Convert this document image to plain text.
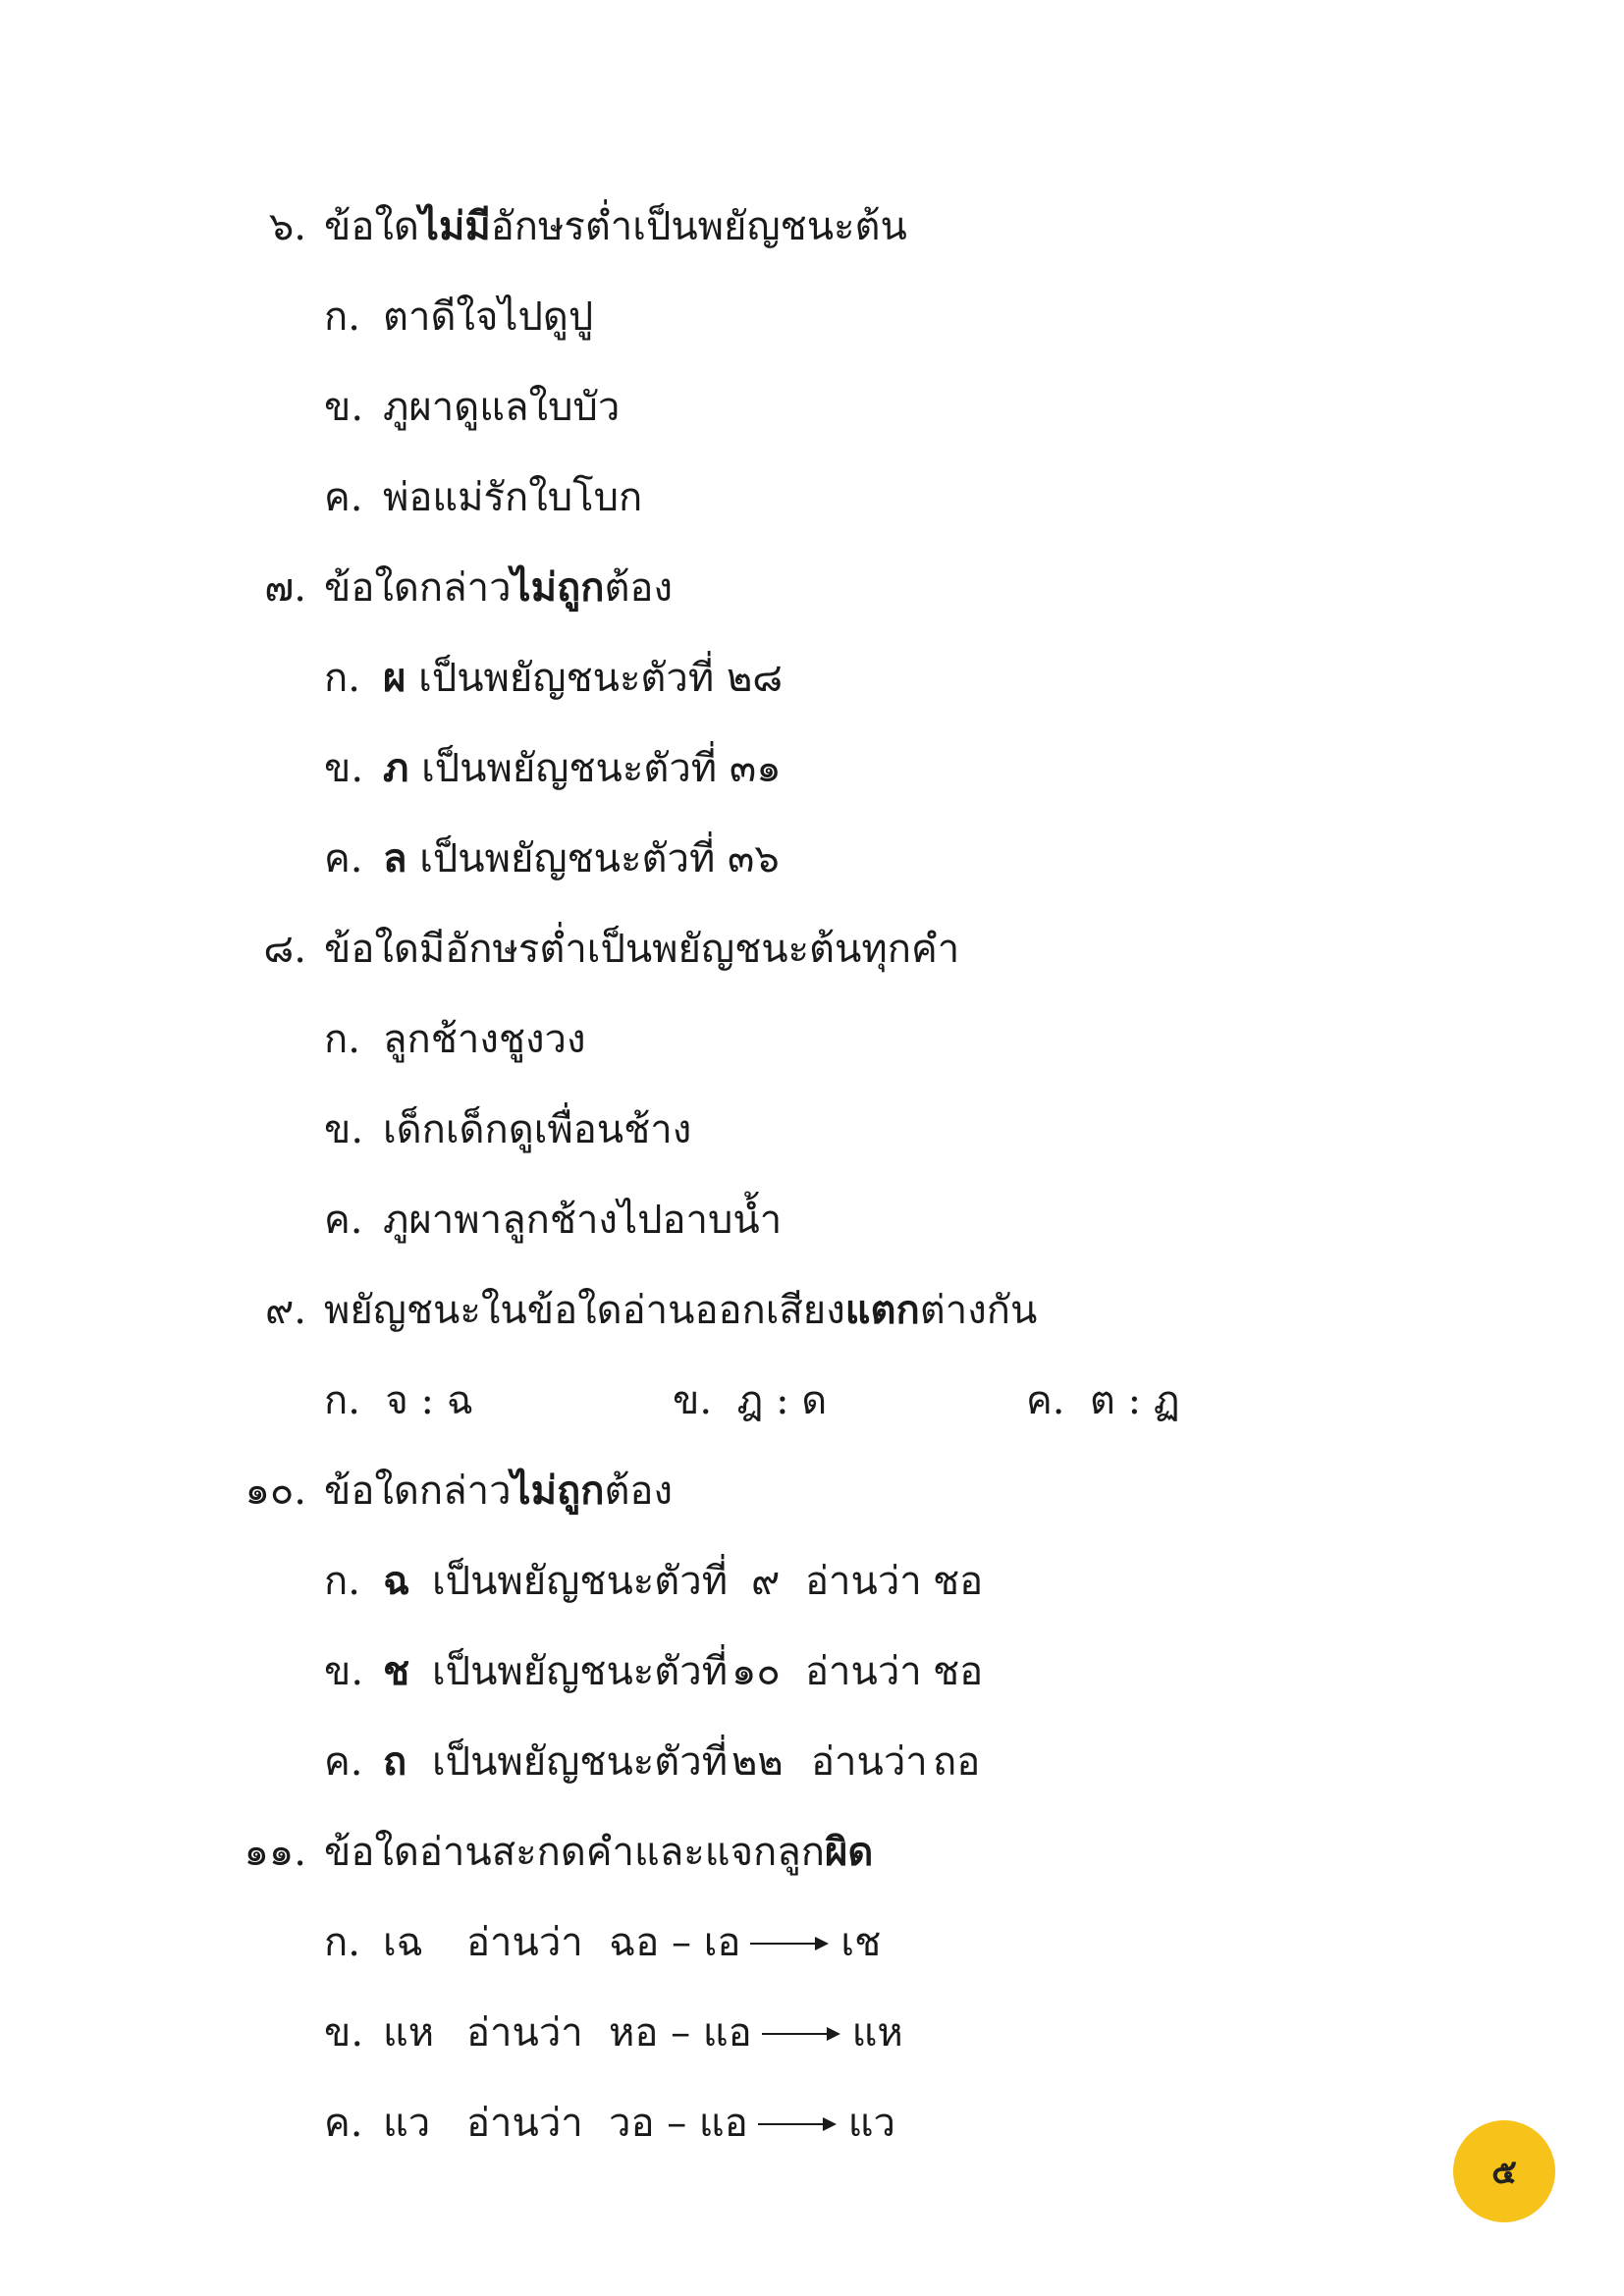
๖. ข้อใดไม่มีอักษรต่ำเป็นพยัญชนะต้น
ก. ตาดีใจไปดูปู
ข. ภูผาดูแลใบบัว
ค. พ่อแม่รักใบโบก
๗. ข้อใดกล่าวไม่ถูกต้อง
ก. ผ เป็นพยัญชนะตัวที่ ๒๘
ข. ภ เป็นพยัญชนะตัวที่ ๓๑
ค. ล เป็นพยัญชนะตัวที่ ๓๖
๘. ข้อใดมีอักษรต่ำเป็นพยัญชนะต้นทุกคำ
ก. ลูกช้างชูงวง
ข. เด็กเด็กดูเพื่อนช้าง
ค. ภูผาพาลูกช้างไปอาบน้ำ
๙. พยัญชนะในข้อใดอ่านออกเสียงแตกต่างกัน
ก. จ : ฉ	ข. ฎ : ด	ค. ต : ฏ
๑๐. ข้อใดกล่าวไม่ถูกต้อง
ก. ฉ เป็นพยัญชนะตัวที่ ๙ อ่านว่า ชอ
ข. ช เป็นพยัญชนะตัวที่ ๑๐ อ่านว่า ชอ
ค. ถ เป็นพยัญชนะตัวที่ ๒๒ อ่านว่า ถอ
๑๑. ข้อใดอ่านสะกดคำและแจกลูกผิด
ก. เฉ อ่านว่า ฉอ – เอ	เช
ข. แห อ่านว่า หอ – แอ	แห
ค. แว อ่านว่า วอ – แอ	แว
๕
